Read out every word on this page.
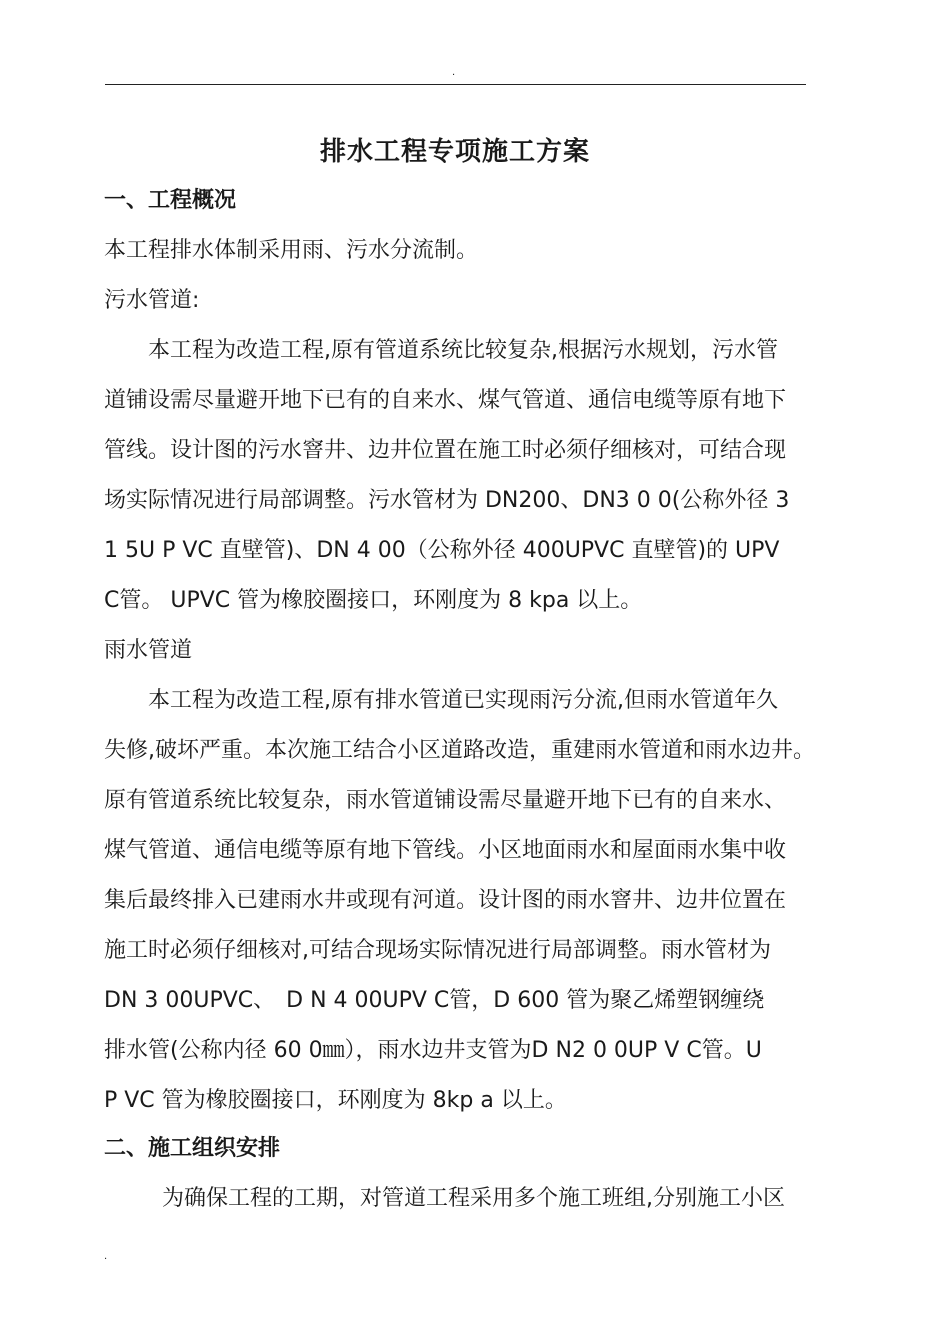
.
排水工程专项施工方案
一、工程概况
本工程排水体制采用雨、污水分流制。
污水管道:
本工程为改造工程,原有管道系统比较复杂,根据污水规划，污水管
道铺设需尽量避开地下已有的自来水、煤气管道、通信电缆等原有地下
管线。设计图的污水窨井、边井位置在施工时必须仔细核对，可结合现
场实际情况进行局部调整。污水管材为 DN200、DN3 0 0(公称外径 3
1 5U P VC 直壁管)、DN 4 00（公称外径 400UPVC 直壁管)的 UPV
C管。 UPVC 管为橡胶圈接口，环刚度为 8 kpa 以上。
雨水管道
本工程为改造工程,原有排水管道已实现雨污分流,但雨水管道年久
失修,破坏严重。本次施工结合小区道路改造，重建雨水管道和雨水边井。
原有管道系统比较复杂，雨水管道铺设需尽量避开地下已有的自来水、
煤气管道、通信电缆等原有地下管线。小区地面雨水和屋面雨水集中收
集后最终排入已建雨水井或现有河道。设计图的雨水窨井、边井位置在
施工时必须仔细核对,可结合现场实际情况进行局部调整。雨水管材为
DN 3 00UPVC、　D N 4 00UPV C管，D 600 管为聚乙烯塑钢缠绕
排水管(公称内径 60 0㎜），雨水边井支管为D N2 0 0UP V C管。U
P VC 管为橡胶圈接口，环刚度为 8kp a 以上。
二、施工组织安排
为确保工程的工期，对管道工程采用多个施工班组,分别施工小区
.
